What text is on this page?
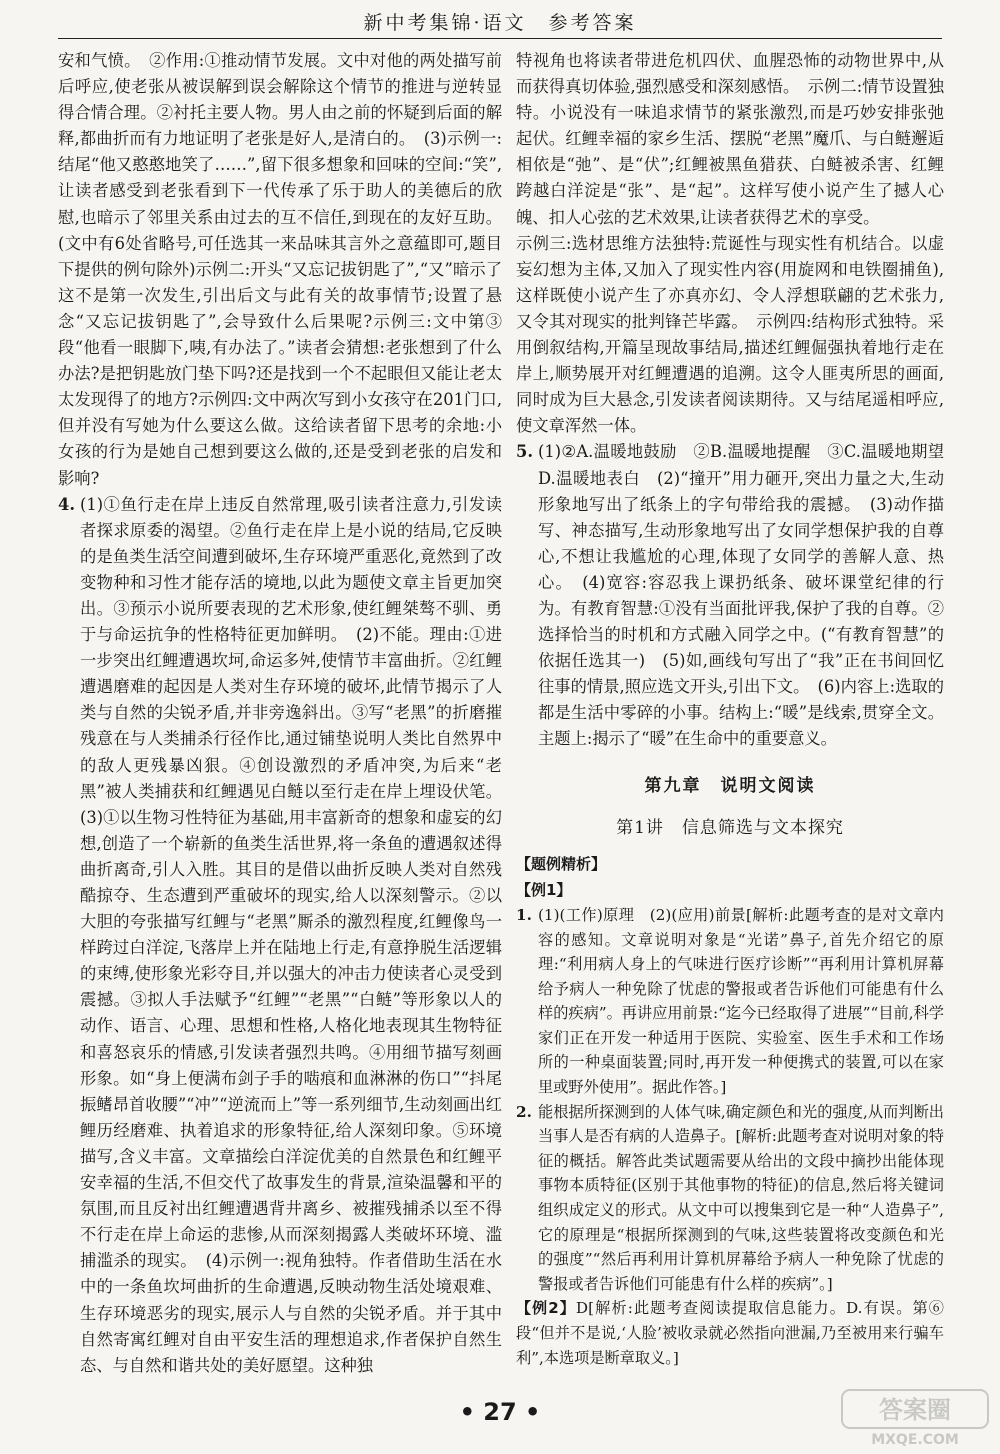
新中考集锦·语文　参考答案

安和气愤。　②作用:①推动情节发展。文中对他的两处描写前后呼应,使老张从被误解到误会解除这个情节的推进与逆转显得合情合理。②衬托主要人物。男人由之前的怀疑到后面的解释,都曲折而有力地证明了老张是好人,是清白的。　(3)示例一:结尾“他又憨憨地笑了……”,留下很多想象和回味的空间:“笑”,让读者感受到老张看到下一代传承了乐于助人的美德后的欣慰,也暗示了邻里关系由过去的互不信任,到现在的友好互助。(文中有6处省略号,可任选其一来品味其言外之意蕴即可,题目下提供的例句除外)示例二:开头“又忘记拔钥匙了”,“又”暗示了这不是第一次发生,引出后文与此有关的故事情节;设置了悬念“又忘记拔钥匙了”,会导致什么后果呢?示例三:文中第③段“他看一眼脚下,咦,有办法了。”读者会猜想:老张想到了什么办法?是把钥匙放门垫下吗?还是找到一个不起眼但又能让老太太发现得了的地方?示例四:文中两次写到小女孩守在201门口,但并没有写她为什么要这么做。这给读者留下思考的余地:小女孩的行为是她自己想到要这么做的,还是受到老张的启发和影响?

4. (1)①鱼行走在岸上违反自然常理,吸引读者注意力,引发读者探求原委的渴望。②鱼行走在岸上是小说的结局,它反映的是鱼类生活空间遭到破坏,生存环境严重恶化,竟然到了改变物种和习性才能存活的境地,以此为题使文章主旨更加突出。③预示小说所要表现的艺术形象,使红鲤桀骜不驯、勇于与命运抗争的性格特征更加鲜明。　(2)不能。理由:①进一步突出红鲤遭遇坎坷,命运多舛,使情节丰富曲折。②红鲤遭遇磨难的起因是人类对生存环境的破坏,此情节揭示了人类与自然的尖锐矛盾,并非旁逸斜出。③写“老黑”的折磨摧残意在与人类捕杀行径作比,通过铺垫说明人类比自然界中的敌人更残暴凶狠。④创设激烈的矛盾冲突,为后来“老黑”被人类捕获和红鲤遇见白鲢以至行走在岸上埋设伏笔。(3)①以生物习性特征为基础,用丰富新奇的想象和虚妄的幻想,创造了一个崭新的鱼类生活世界,将一条鱼的遭遇叙述得曲折离奇,引人入胜。其目的是借以曲折反映人类对自然残酷掠夺、生态遭到严重破坏的现实,给人以深刻警示。②以大胆的夸张描写红鲤与“老黑”厮杀的激烈程度,红鲤像鸟一样跨过白洋淀,飞落岸上并在陆地上行走,有意挣脱生活逻辑的束缚,使形象光彩夺目,并以强大的冲击力使读者心灵受到震撼。③拟人手法赋予“红鲤”“老黑”“白鲢”等形象以人的动作、语言、心理、思想和性格,人格化地表现其生物特征和喜怒哀乐的情感,引发读者强烈共鸣。④用细节描写刻画形象。如“身上便满布剑子手的啮痕和血淋淋的伤口”“抖尾振鳍昂首收腰”“冲”“逆流而上”等一系列细节,生动刻画出红鲤历经磨难、执着追求的形象特征,给人深刻印象。⑤环境描写,含义丰富。文章描绘白洋淀优美的自然景色和红鲤平安幸福的生活,不但交代了故事发生的背景,渲染温馨和平的氛围,而且反衬出红鲤遭遇背井离乡、被摧残捕杀以至不得不行走在岸上命运的悲惨,从而深刻揭露人类破坏环境、滥捕滥杀的现实。　(4)示例一:视角独特。作者借助生活在水中的一条鱼坎坷曲折的生命遭遇,反映动物生活处境艰难、生存环境恶劣的现实,展示人与自然的尖锐矛盾。并于其中自然寄寓红鲤对自由平安生活的理想追求,作者保护自然生态、与自然和谐共处的美好愿望。这种独

特视角也将读者带进危机四伏、血腥恐怖的动物世界中,从而获得真切体验,强烈感受和深刻感悟。　示例二:情节设置独特。小说没有一味追求情节的紧张激烈,而是巧妙安排张弛起伏。红鲤幸福的家乡生活、摆脱“老黑”魔爪、与白鲢邂逅相依是“弛”、是“伏”;红鲤被黑鱼猎获、白鲢被杀害、红鲤跨越白洋淀是“张”、是“起”。这样写使小说产生了撼人心魄、扣人心弦的艺术效果,让读者获得艺术的享受。

示例三:选材思维方法独特:荒诞性与现实性有机结合。以虚妄幻想为主体,又加入了现实性内容(用旋网和电铁圈捕鱼),这样既使小说产生了亦真亦幻、令人浮想联翩的艺术张力,又令其对现实的批判锋芒毕露。　示例四:结构形式独特。采用倒叙结构,开篇呈现故事结局,描述红鲤倔强执着地行走在岸上,顺势展开对红鲤遭遇的追溯。这令人匪夷所思的画面,同时成为巨大悬念,引发读者阅读期待。又与结尾遥相呼应,使文章浑然一体。

5. (1)②A.温暖地鼓励　②B.温暖地提醒　③C.温暖地期望　D.温暖地表白　(2)“撞开”用力砸开,突出力量之大,生动形象地写出了纸条上的字句带给我的震撼。　(3)动作描写、神态描写,生动形象地写出了女同学想保护我的自尊心,不想让我尴尬的心理,体现了女同学的善解人意、热心。　(4)宽容:容忍我上课扔纸条、破坏课堂纪律的行为。有教育智慧:①没有当面批评我,保护了我的自尊。②选择恰当的时机和方式融入同学之中。(“有教育智慧”的依据任选其一)　(5)如,画线句写出了“我”正在书间回忆往事的情景,照应选文开头,引出下文。　(6)内容上:选取的都是生活中零碎的小事。结构上:“暖”是线索,贯穿全文。主题上:揭示了“暖”在生命中的重要意义。
第九章　说明文阅读
第1讲　信息筛选与文本探究
【题例精析】
【例1】
1. (1)(工作)原理　(2)(应用)前景[解析:此题考查的是对文章内容的感知。文章说明对象是“光诺”鼻子,首先介绍它的原理:“利用病人身上的气味进行医疗诊断”“再利用计算机屏幕给予病人一种免除了忧虑的警报或者告诉他们可能患有什么样的疾病”。再讲应用前景:“迄今已经取得了进展”“目前,科学家们正在开发一种适用于医院、实验室、医生手术和工作场所的一种桌面装置;同时,再开发一种便携式的装置,可以在家里或野外使用”。据此作答。]
2. 能根据所探测到的人体气味,确定颜色和光的强度,从而判断出当事人是否有病的人造鼻子。[解析:此题考查对说明对象的特征的概括。解答此类试题需要从给出的文段中摘抄出能体现事物本质特征(区别于其他事物的特征)的信息,然后将关键词组织成定义的形式。从文中可以搜集到它是一种“人造鼻子”,它的原理是“根据所探测到的气味,这些装置将改变颜色和光的强度”“然后再利用计算机屏幕给予病人一种免除了忧虑的警报或者告诉他们可能患有什么样的疾病”。]
【例2】D[解析:此题考查阅读提取信息能力。D.有误。第⑥段“但并不是说,‘人脸’被收录就必然指向泄漏,乃至被用来行骗车利”,本选项是断章取义。]
• 27 •	答案圈
MXQE.COM
